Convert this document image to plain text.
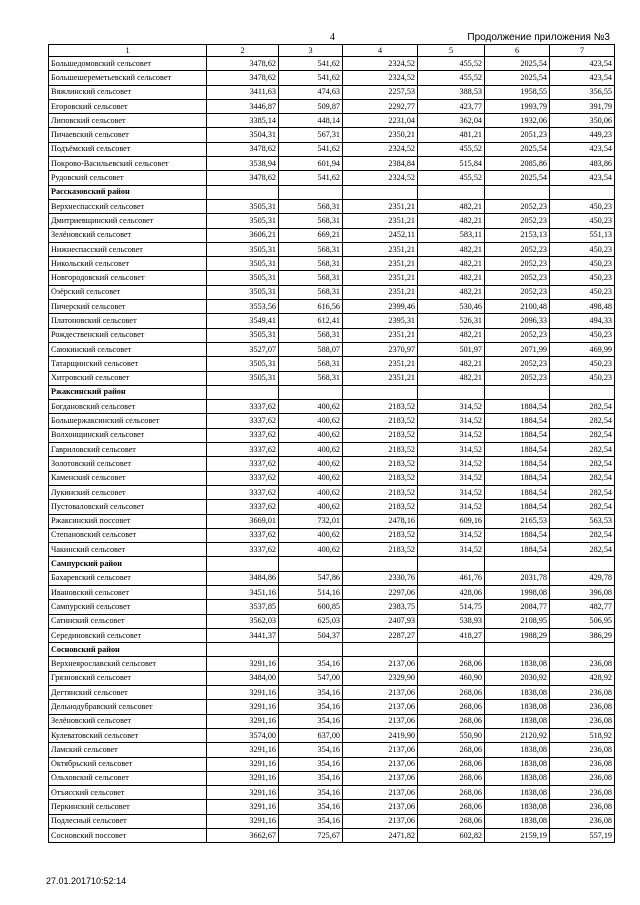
4	Продолжение приложения №3
1	2	3	4	5	6	7
Большедомовский сельсовет	3478,62	541,62	2324,52	455,52	2025,54	423,54
Большешереметьевский сельсовет	3478,62	541,62	2324,52	455,52	2025,54	423,54
Вяжлинский сельсовет	3411,63	474,63	2257,53	388,53	1958,55	356,55
Егоровский сельсовет	3446,87	509,87	2292,77	423,77	1993,79	391,79
Липовский сельсовет	3385,14	448,14	2231,04	362,04	1932,06	350,06
Пичаевский сельсовет	3504,31	567,31	2350,21	481,21	2051,23	449,23
Подъёмский сельсовет	3478,62	541,62	2324,52	455,52	2025,54	423,54
Покрово-Васильевский сельсовет	3538,94	601,94	2384,84	515,84	2085,86	483,86
Рудовский сельсовет	3478,62	541,62	2324,52	455,52	2025,54	423,54
Рассказовский район						
Верхнеспасский сельсовет	3505,31	568,31	2351,21	482,21	2052,23	450,23
Дмитриевщинский сельсовет	3505,31	568,31	2351,21	482,21	2052,23	450,23
Зелёновский сельсовет	3606,21	669,21	2452,11	583,11	2153,13	551,13
Нижнеспасский сельсовет	3505,31	568,31	2351,21	482,21	2052,23	450,23
Никольский сельсовет	3505,31	568,31	2351,21	482,21	2052,23	450,23
Новгородовский сельсовет	3505,31	568,31	2351,21	482,21	2052,23	450,23
Озёрский сельсовет	3505,31	568,31	2351,21	482,21	2052,23	450,23
Пичерский сельсовет	3553,56	616,56	2399,46	530,46	2100,48	498,48
Платоновский сельсовет	3549,41	612,41	2395,31	526,31	2096,33	494,33
Рождественский сельсовет	3505,31	568,31	2351,21	482,21	2052,23	450,23
Саюкинский сельсовет	3527,07	588,07	2370,97	501,97	2071,99	469,99
Татарщинский сельсовет	3505,31	568,31	2351,21	482,21	2052,23	450,23
Хитровский сельсовет	3505,31	568,31	2351,21	482,21	2052,23	450,23
Ржаксинский район						
Богдановский сельсовет	3337,62	400,62	2183,52	314,52	1884,54	282,54
Большержаксинский сельсовет	3337,62	400,62	2183,52	314,52	1884,54	282,54
Волхонщинский сельсовет	3337,62	400,62	2183,52	314,52	1884,54	282,54
Гавриловский сельсовет	3337,62	400,62	2183,52	314,52	1884,54	282,54
Золотовский сельсовет	3337,62	400,62	2183,52	314,52	1884,54	282,54
Каменский сельсовет	3337,62	400,62	2183,52	314,52	1884,54	282,54
Лукинский сельсовет	3337,62	400,62	2183,52	314,52	1884,54	282,54
Пустоваловский сельсовет	3337,62	400,62	2183,52	314,52	1884,54	282,54
Ржаксинский поссовет	3669,01	732,01	2478,16	609,16	2165,53	563,53
Степановский сельсовет	3337,62	400,62	2183,52	314,52	1884,54	282,54
Чакинский сельсовет	3337,62	400,62	2183,52	314,52	1884,54	282,54
Сампурский район						
Бахаревский сельсовет	3484,86	547,86	2330,76	461,76	2031,78	429,78
Ивановский сельсовет	3451,16	514,16	2297,06	428,06	1998,08	396,08
Сампурский сельсовет	3537,85	600,85	2383,75	514,75	2084,77	482,77
Сатинский сельсовет	3562,03	625,03	2407,93	538,93	2108,95	506,95
Серединовский сельсовет	3441,37	504,37	2287,27	418,27	1988,29	386,29
Сосновский район						
Верхнеярославский сельсовет	3291,16	354,16	2137,06	268,06	1838,08	236,08
Грязновский сельсовет	3484,00	547,00	2329,90	460,90	2030,92	428,92
Дегтянский сельсовет	3291,16	354,16	2137,06	268,06	1838,08	236,08
Дельнодубравский сельсовет	3291,16	354,16	2137,06	268,06	1838,08	236,08
Зелёновский сельсовет	3291,16	354,16	2137,06	268,06	1838,08	236,08
Кулеватовский сельсовет	3574,00	637,00	2419,90	550,90	2120,92	518,92
Ламский сельсовет	3291,16	354,16	2137,06	268,06	1838,08	236,08
Октябрьский сельсовет	3291,16	354,16	2137,06	268,06	1838,08	236,08
Ольховский сельсовет	3291,16	354,16	2137,06	268,06	1838,08	236,08
Отъясский сельсовет	3291,16	354,16	2137,06	268,06	1838,08	236,08
Перкинский сельсовет	3291,16	354,16	2137,06	268,06	1838,08	236,08
Подлесный сельсовет	3291,16	354,16	2137,06	268,06	1838,08	236,08
Сосновский поссовет	3662,67	725,67	2471,82	602,82	2159,19	557,19
27.01.201710:52:14
